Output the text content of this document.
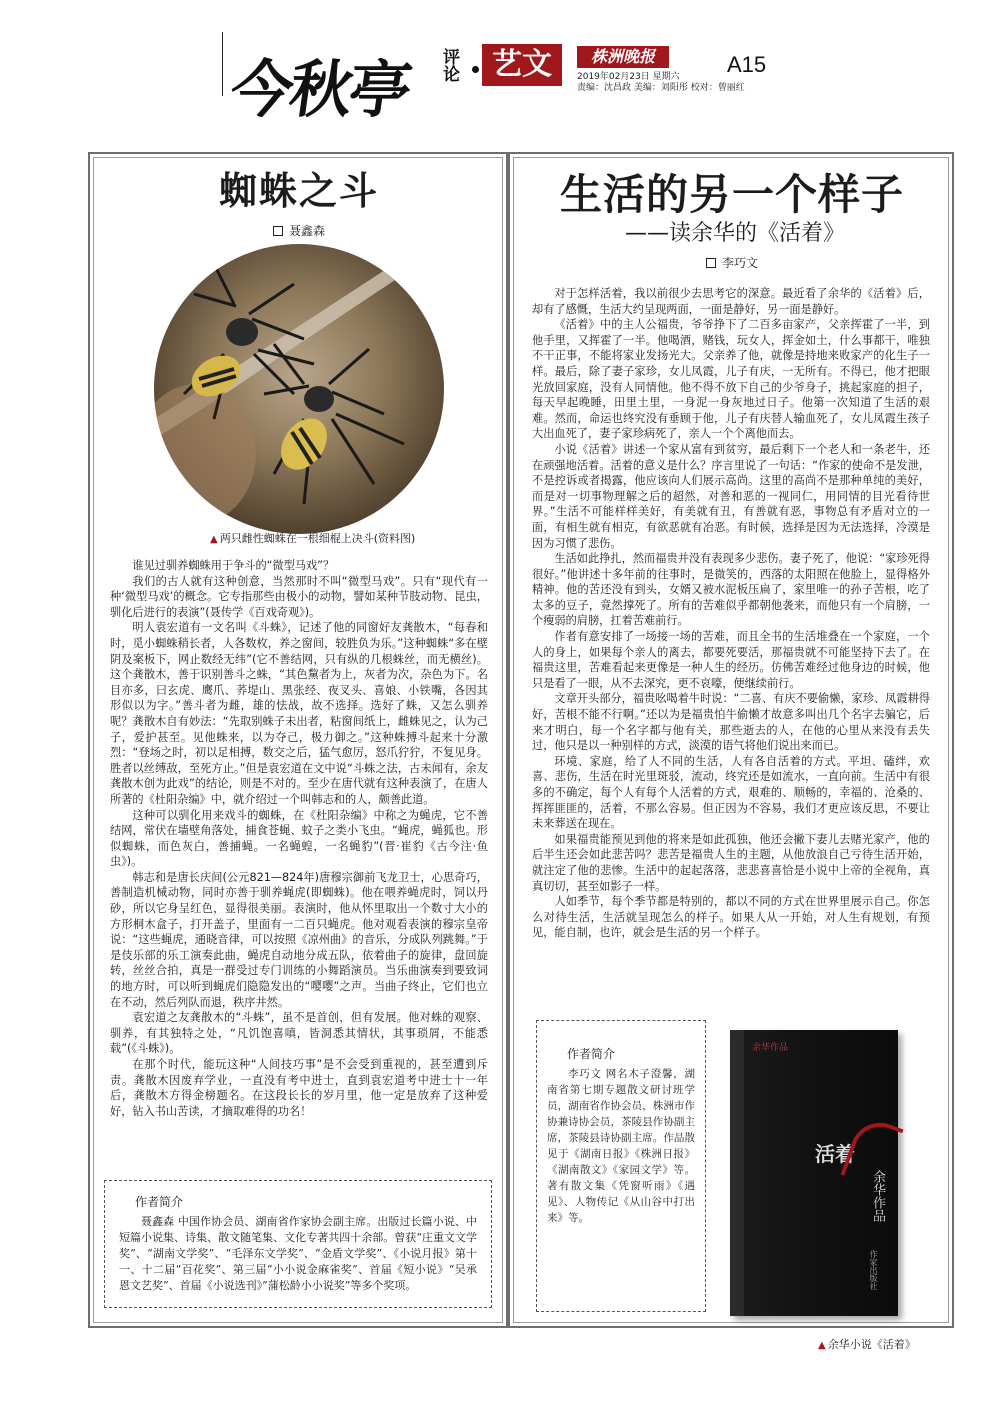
今秋亭 评论	艺文	株洲晚报	A15
2019年02月23日 星期六
责编：沈昌政 美编：刘阳彤 校对：曾丽红
蜘蛛之斗
聂鑫森
▲ 两只雌性蜘蛛在一根细棍上决斗(资料图)

谁见过驯养蜘蛛用于争斗的“微型马戏”？

我们的古人就有这种创意，当然那时不叫“微型马戏”。只有“现代有一种‘微型马戏’的概念。它专指那些由极小的动物，譬如某种节肢动物、昆虫，驯化后进行的表演”(聂传学《百戏奇观》)。

明人袁宏道有一文名叫《斗蛛》，记述了他的同窗好友龚散木，“每春和时，觅小蜘蛛稍长者，人各数枚，养之窗间，较胜负为乐。”这种蜘蛛“多在壁阴及案板下，网止数经无纬”(它不善结网，只有纵的几根蛛丝，而无横丝)。这个龚散木，善于识别善斗之蛛，“其色黧者为上，灰者为次，杂色为下。名目亦多，曰玄虎、鹰爪、荞堤山、黑张经、夜叉头、喜娘、小铁嘴，各因其形似以为字。”善斗者为雌，雄的怯战，故不选择。选好了蛛，又怎么驯养呢？龚散木自有妙法：“先取别蛛子未出者，粘窗间纸上，雌蛛见之，认为己子，爱护甚至。见他蛛来，以为夺己，极力御之。”这种蛛搏斗起来十分激烈：“登场之时，初以足相搏，数交之后，猛气愈厉，怒爪狞狞，不复见身。胜者以丝缚敌，至死方止。”但是袁宏道在文中说“斗蛛之法，古未闻有，余友龚散木创为此戏”的结论，则是不对的。至少在唐代就有这种表演了，在唐人所著的《杜阳杂编》中，就介绍过一个叫韩志和的人，颇善此道。

这种可以驯化用来戏斗的蜘蛛，在《杜阳杂编》中称之为蝇虎，它不善结网，常伏在墙壁角落处，捕食苍蝇、蚊子之类小飞虫。“蝇虎，蝇狐也。形似蜘蛛，而色灰白，善捕蝇。一名蝇蝗，一名蝇豹”(晋·崔豹《古今注·鱼虫》)。

韩志和是唐长庆间(公元821—824年)唐穆宗御前飞龙卫士，心思奇巧，善制造机械动物，同时亦善于驯养蝇虎(即蜘蛛)。他在喂养蝇虎时，饲以丹砂，所以它身呈红色，显得很美丽。表演时，他从怀里取出一个数寸大小的方形桐木盒子，打开盖子，里面有一二百只蝇虎。他对观看表演的穆宗皇帝说：“这些蝇虎，通晓音律，可以按照《凉州曲》的音乐，分成队列跳舞。”于是伎乐部的乐工演奏此曲，蝇虎自动地分成五队，依着曲子的旋律，盘回旋转，丝丝合拍，真是一群受过专门训练的小舞蹈演员。当乐曲演奏到要致词的地方时，可以听到蝇虎们隐隐发出的“嘤嘤”之声。当曲子终止，它们也立在不动，然后列队而退，秩序井然。

袁宏道之友龚散木的“斗蛛”，虽不是首创，但有发展。他对蛛的观察、驯养，有其独特之处，“凡饥饱喜嗔，皆洞悉其情状，其事琐屑，不能悉载”(《斗蛛》)。

在那个时代，能玩这种“人间技巧事”是不会受到重视的，甚至遭到斥责。龚散木因废弃学业，一直没有考中进士，直到袁宏道考中进士十一年后，龚散木方得金榜题名。在这段长长的岁月里，他一定是放弃了这种爱好，钻入书山苦读，才摘取难得的功名！

作者简介
聂鑫森 中国作协会员、湖南省作家协会副主席。出版过长篇小说、中短篇小说集、诗集、散文随笔集、文化专著共四十余部。曾获“庄重文文学奖”、“湖南文学奖”、“毛泽东文学奖”、“金盾文学奖”、《小说月报》第十一、十二届“百花奖”、第三届“小小说金麻雀奖”、首届《短小说》“吴承恩文艺奖”、首届《小说选刊》”蒲松龄小小说奖”等多个奖项。
生活的另一个样子
——读余华的《活着》
李巧文

对于怎样活着，我以前很少去思考它的深意。最近看了余华的《活着》后，却有了感慨，生活大约呈现两面，一面是静好，另一面是静好。

《活着》中的主人公福贵，爷爷挣下了二百多亩家产，父亲挥霍了一半，到他手里，又挥霍了一半。他喝酒，赌钱，玩女人，挥金如土，什么事都干，唯独不干正事，不能将家业发扬光大。父亲养了他，就像是持地来败家产的化生子一样。最后，除了妻子家珍，女儿凤霞，儿子有庆，一无所有。不得已，他才把眼光放回家庭，没有人同情他。他不得不放下自己的少爷身子，挑起家庭的担子，每天早起晚睡，田里土里，一身泥一身灰地过日子。他第一次知道了生活的艰难。然而，命运也终究没有垂顾于他，儿子有庆替人输血死了，女儿凤霞生孩子大出血死了，妻子家珍病死了，亲人一个个离他而去。

小说《活着》讲述一个家从富有到贫穷，最后剩下一个老人和一条老牛，还在顽强地活着。活着的意义是什么？序言里说了一句话：“作家的使命不是发泄，不是控诉或者揭露，他应该向人们展示高尚。这里的高尚不是那种单纯的美好，而是对一切事物理解之后的超然，对善和恶的一视同仁，用同情的目光看待世界。”生活不可能样样美好，有美就有丑，有善就有恶，事物总有矛盾对立的一面，有相生就有相克，有欲恶就有冶恶。有时候，选择是因为无法选择，冷漠是因为习惯了悲伤。

生活如此挣扎，然而福贵并没有表现多少悲伤。妻子死了，他说：“家珍死得很好。”他讲述十多年前的往事时，是微笑的，西落的太阳照在他脸上，显得格外精神。他的苦还没有到头，女婿又被水泥板压扁了，家里唯一的孙子苦根，吃了太多的豆子，竟然撑死了。所有的苦难似乎都朝他袭来，而他只有一个肩膀，一个瘦弱的肩膀，扛着苦难前行。

作者有意安排了一场接一场的苦难，而且全书的生活堆叠在一个家庭，一个人的身上，如果每个亲人的离去，都要死要活，那福贵就不可能坚持下去了。在福贵这里，苦难看起来更像是一种人生的经历。仿佛苦难经过他身边的时候，他只是看了一眼，从不去深究，更不哀嚎，便继续前行。

文章开头部分，福贵吆喝着牛时说：“二喜、有庆不要偷懒，家珍、凤霞耕得好，苦根不能不行啊。”还以为是福贵怕牛偷懒才故意多叫出几个名字去骗它，后来才明白，每一个名字都与他有关，那些逝去的人，在他的心里从来没有丢失过，他只是以一种别样的方式，淡漠的语气将他们说出来而已。

环境、家庭，给了人不同的生活，人有各自活着的方式。平坦、磕绊，欢喜、悲伤，生活在时光里斑驳，流动，终究还是如流水，一直向前。生活中有很多的不确定，每个人有每个人活着的方式，艰难的、顺畅的，幸福的、沧桑的、挥挥匪匪的，活着，不那么容易。但正因为不容易，我们才更应该反思，不要让未来葬送在现在。

如果福贵能预见到他的将来是如此孤独，他还会撇下妻儿去赌光家产，他的后半生还会如此悲苦吗？悲苦是福贵人生的主题，从他放浪自己亏待生活开始，就注定了他的悲惨。生活中的起起落落，悲悲喜喜恰是小说中上帝的全视角，真真切切，甚至如影子一样。

人如季节，每个季节都是特别的，都以不同的方式在世界里展示自己。你怎么对待生活，生活就呈现怎么的样子。如果人从一开始，对人生有规划，有预见，能自制，也许，就会是生活的另一个样子。

作者简介
李巧文 网名木子澄馨，湖南省第七期专题散文研讨班学员，湖南省作协会员，株洲市作协兼诗协会员，茶陵县作协副主席，茶陵县诗协副主席。作品散见于《湖南日报》《株洲日报》《湖南散文》《家园文学》等。著有散文集《凭窗听雨》《遇见》、人物传记《从山谷中打出来》等。
余华作品
活着
余华作品
作家出版社
▲ 余华小说《活着》
